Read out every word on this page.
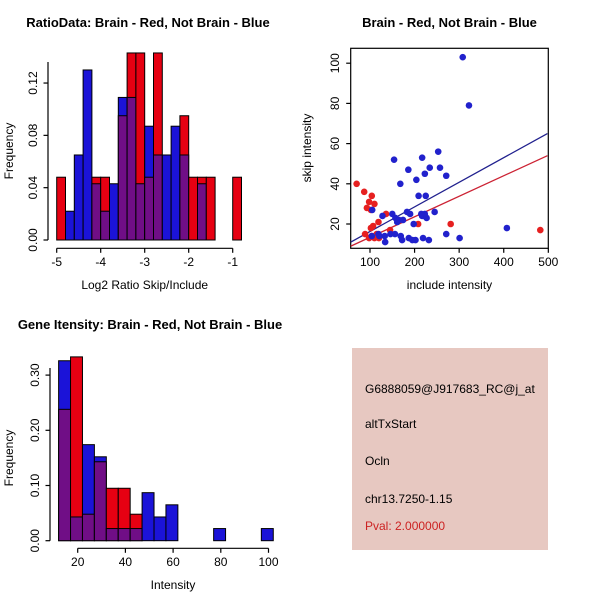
0.00
0.04
0.08
0.12
-5	-4	-3	-2	-1
RatioData: Brain - Red, Not Brain - Blue
Log2 Ratio Skip/Include
Frequency
20
40
60
80
100
100 200 300 400 500
Brain - Red, Not Brain - Blue
include intensity
skip intensity
0.00
0.10
0.20
0.30
20	40	60	80	100
Gene Itensity: Brain - Red, Not Brain - Blue
Intensity
Frequency
G6888059@J917683_RC@j_at
altTxStart
Ocln
chr13.7250-1.15
Pval: 2.000000
